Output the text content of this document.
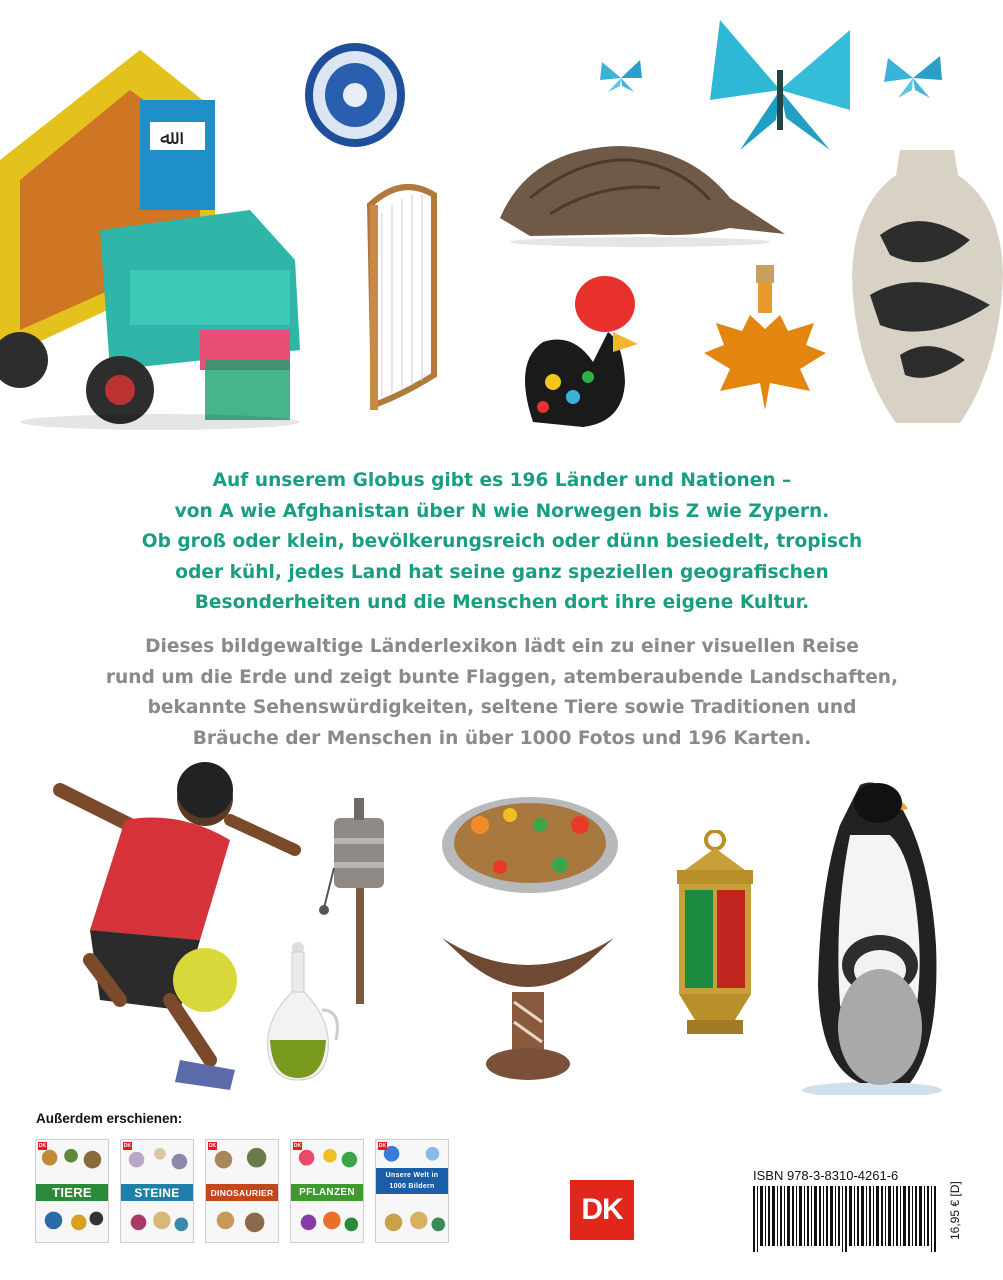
ﷲ
Auf unserem Globus gibt es 196 Länder und Nationen –
von A wie Afghanistan über N wie Norwegen bis Z wie Zypern.
Ob groß oder klein, bevölkerungsreich oder dünn besiedelt, tropisch
oder kühl, jedes Land hat seine ganz speziellen geografischen
Besonderheiten und die Menschen dort ihre eigene Kultur.
Dieses bildgewaltige Länderlexikon lädt ein zu einer visuellen Reise
rund um die Erde und zeigt bunte Flaggen, atemberaubende Landschaften,
bekannte Sehenswürdigkeiten, seltene Tiere sowie Traditionen und
Bräuche der Menschen in über 1000 Fotos und 196 Karten.
Außerdem erschienen:
DK
TIERE
DK
STEINE
DK
DINOSAURIER
DK
PFLANZEN
DK
Unsere Welt in 1000 Bildern
DK
ISBN 978-3-8310-4261-6
16,95 € [D]
